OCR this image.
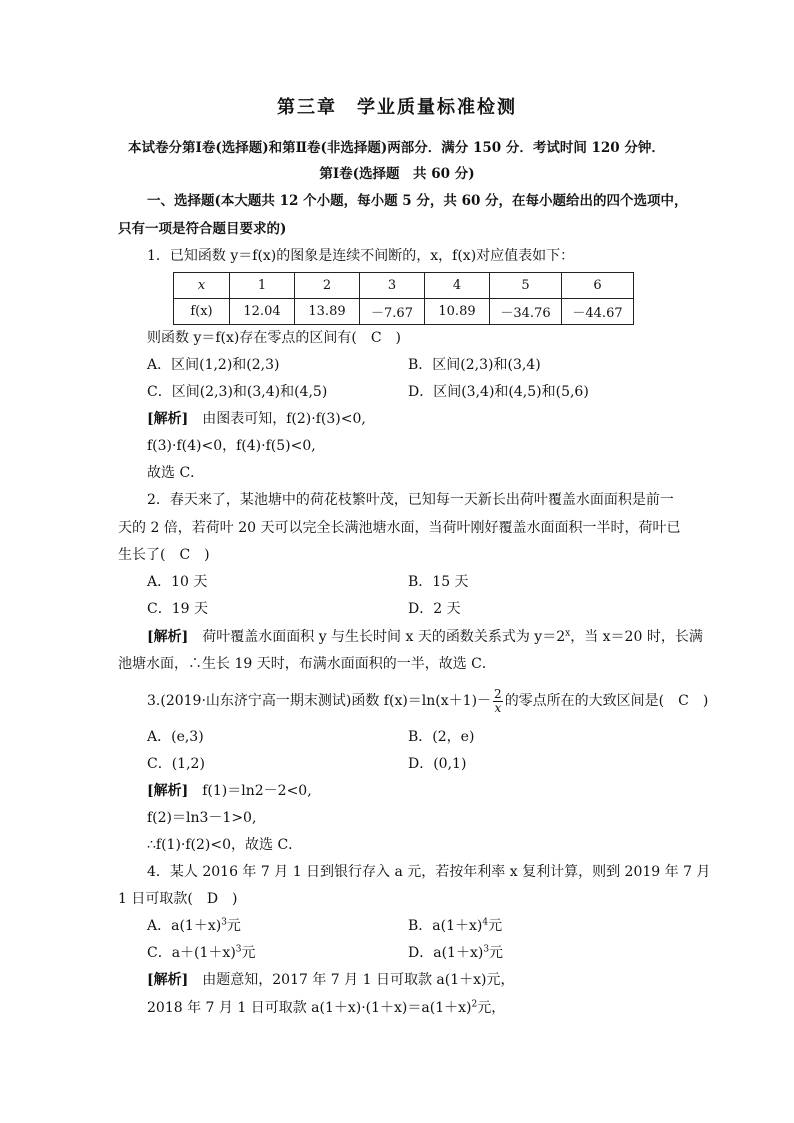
第三章　学业质量标准检测
本试卷分第Ⅰ卷(选择题)和第Ⅱ卷(非选择题)两部分．满分 150 分．考试时间 120 分钟．
第Ⅰ卷(选择题　共 60 分)
一、选择题(本大题共 12 个小题，每小题 5 分，共 60 分，在每小题给出的四个选项中，
只有一项是符合题目要求的)
1．已知函数 y＝f(x)的图象是连续不间断的，x，f(x)对应值表如下：
x	1	2	3	4	5	6
f(x)	12.04	13.89	－7.67	10.89	－34.76	－44.67
则函数 y＝f(x)存在零点的区间有(　C　)
A．区间(1,2)和(2,3)	B．区间(2,3)和(3,4)
C．区间(2,3)和(3,4)和(4,5)	D．区间(3,4)和(4,5)和(5,6)
[解析]　由图表可知，f(2)·f(3)<0,
f(3)·f(4)<0，f(4)·f(5)<0,
故选 C．
2．春天来了，某池塘中的荷花枝繁叶茂，已知每一天新长出荷叶覆盖水面面积是前一
天的 2 倍，若荷叶 20 天可以完全长满池塘水面，当荷叶刚好覆盖水面面积一半时，荷叶已
生长了(　C　)
A．10 天	B．15 天
C．19 天	D．2 天
[解析]　荷叶覆盖水面面积 y 与生长时间 x 天的函数关系式为 $y=2^x$，当 x＝20 时，长满
池塘水面，∴生长 19 天时，布满水面面积的一半，故选 C．
3.(2019·山东济宁高一期末测试)函数 $f(x)=\ln(x+1)- \frac{2}{x}$ 的零点所在的大致区间是(　C　)
A．(e,3)	B．(2，e)
C．(1,2)	D．(0,1)
[解析]　f(1)＝ln2－2<0,
f(2)＝ln3－1>0,
∴f(1)·f(2)<0，故选 C．
4．某人 2016 年 7 月 1 日到银行存入 a 元，若按年利率 x 复利计算，则到 2019 年 7 月
1 日可取款(　D　)
A．$a(1+x)^3$元	B．$a(1+x)^4$元
C．$a+(1+x)^3$元	D．$a(1+x)^3$元
[解析]　由题意知，2017 年 7 月 1 日可取款 a(1＋x)元，
2018 年 7 月 1 日可取款 $a(1+x)\cdot(1+x)=a(1+x)^2$元，
